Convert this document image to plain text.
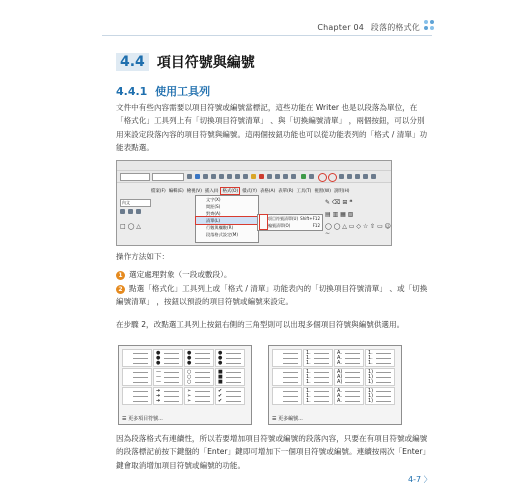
Chapter 04 段落的格式化
4.4 項目符號與編號
4.4.1 使用工具列
文件中有些內容需要以項目符號或編號當標記，這些功能在 Writer 也是以段落為單位，在「格式化」工具列上有「切換項目符號清單」 、與「切換編號清單」 ，兩個按鈕，可以分別用來設定段落內容的項目符號與編號。這兩個按鈕功能也可以從功能表列的「格式 / 清單」功能表點選。
檔案(F) 編輯(E) 檢視(V) 插入(I) 格式(O) 樣式(Y) 表格(A) 表單(R) 工具(T) 視窗(W) 說明(H)
內文
□ ◯ △
文字(X)
間距(S)
對齊(A)
清單(L)
行數與欄數(R)
段落格式設定(M)
項目符號清單(U) Shift+F12
編號清單(O)	F12
✎ ⌫ ⊞ ❝
▤ ▥ ▦ ▧
◯ ◯ △ ▭ ◇ ☆ ⇧ ▭ ☺ ∼
操作方法如下：
1 選定處理對象（一段或數段）。
2 點選「格式化」工具列上或「格式 / 清單」功能表內的「切換項目符號清單」 、或「切換編號清單」 ，按鈕以預設的項目符號或編號來設定。
在步驟 2，改點選工具列上按鈕右側的三角型則可以出現多個項目符號與編號供選用。
●
●
●
●
●
●
●
●
●
—
—
—
○
○
○
■
■
■
➔
➔
➔
➢
➢
➢
✔
✔
✔
☰ 更多項目符號...
1.
1.
1.
A.
A.
A.
1.
1.
1.
1.
1.
1.
A)
A)
A)
1)
1)
1)
1.
1.
1.
A.
A.
A.
1)
1)
1)
☰ 更多編號...
因為段落格式有連續性，所以若要增加項目符號或編號的段落內容，只要在有項目符號或編號的段落標記前按下鍵盤的「Enter」鍵即可增加下一個項目符號或編號。連續按兩次「Enter」鍵會取消增加項目符號或編號的功能。
4-7 〉
